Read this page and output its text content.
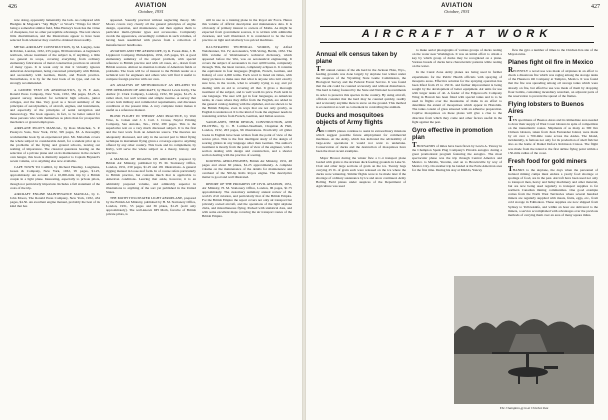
426	AVIATION
October, 1931

now doing, apparently lamentably the lack. As compared with Hudgins & Magoun's "Sky High," or Wood's "Wings for Men" being a somewhat similar field, Miss Harney's book has the virtue of cheapness, but no other perceptible advantage. The text shows little discrimination, and the illustrations appear to have been selected from whatever they could be obtained most readily.

METAL AIRCRAFT CONSTRUCTION, by M. Langley, Gale & Polden, London, 1932, 235 pages, 80 illustrations. A beginner's textbook, whose treatment of the subject is, if anything, a little too general in scope, covering everything from ordinary elementary fabrications of metal construction practices in aircraft of many types. It is weak only in that it virtually ignores American development, being concerned principally with British, and secondarily with German, Dutch, and French practice. Nevertheless, it is by far the best book of its type, and can be strongly recommended.

A GUIDED TEXT ON AERONAUTICS, by H. F. Ault, Ronald Press Company, New York, 1932, 384 pages, $3.25. A general survey, intended for technical high schools, junior colleges, and the like. Very good as a broad summary of the principles of aerodynamics, of aircraft, engines, and instruments, and especially of the principles of aerial navigation and meteorology. The book appears, in fact, to be better suited for those persons who wish themselves as pilots than for prospective mechanics or ground employees.

AIRPLANE PILOT'S MANUAL, by Ross Malachek, S. P. Pastayo's Sons, New York, 1932, 395 pages, $3. A thoroughly workmanlike book by an experienced pilot. Mr. Malachek covers the whole subject in considerable detail, for a student pilot up to the problems of the flying and ground schools, leaving out nothing of importance. The classical questions bearing on the selection of a private plane and on its maintenance in the owner's own hangar, this book is distinctly superior to Captain Baynard's recent volume, or to anything else now available.

CAPE TOWN TO CAIRO, by Richard Haudley, Longmans, Green & Company, New York, 1932, 95 pages, $1.25, approximately. An account of a 10,000-mile trip by a British couple in a light plane. Interesting, especially to private pilots, though not particularly important. Includes a full statement of the costs of the trip.

AIRCRAFT ENGINE MAINTENANCE MANUAL, by C. John Moors, The Ronald Press Company, New York, 1932, 434 pages, $4.50. An excellent engine manual, probably the best of its kind that has

appeared. Soundly practical without neglecting theory. Mr. Moors covers very clearly all the general principles of engine design, operation, and maintenance, and then applies them to particular multi-cylinder types and accessories. Completely avoids the appearance, exceedingly common in such volumes, of having been assembled with pieces from a collection of manufacturers' handbooks.

AVIATION AND THE AEROSCOPE, by R. Forest-Dale, J. B. Lippincott Company, Philadelphia, 1932, 245 pages, $3. A good elementary summary of the airport problem, with special reference to British practice and with all cases, etc., drawn from British sources. Almost no mention is made of American fields or problems. The book will be of interest to the British reader as a technical text for engineers and others who will find it useful to compare foreign practice with our own.

AN ANALYSIS OF METEOROLOGY AS RELATED TO THE OPERATION OF AIRCRAFT, by Harold Lewis Kirby, The Author (J. Clark Company, London), 1932, 80 pages, $1.25. A rather short, but well written and simple treatise. A survey that covers both military and commercial requirements, and discusses conditions at the present time. A very complete index makes it useful as a reference manual.

BLIND FLIGHT IN THEORY AND PRACTICE, by Walt Wise, G. Cohen and J. J. Cail. J. Crosse, Naylor Printing Company, San Antonio, Tex., 1932, 280 pages. This is the superlative text on a very much discussed subject. It is the first and the best work from an American source. The theories are adequately discussed, and only in the second part is blind flying technique in instrument flying given a coverage equal to anything offered by any other country. This book and its complement, by Kirby, will serve the whole subject as a theory, history, and practice.

A MANUAL OF RIGGING ON AIRCRAFT, prepared by British Air Ministry, published by H. M. Stationery Office, London, 1931, 239 pages, $1.25 and 181 illustrations. A general rigging manual in loose-leaf form. In of course refers particularly to British practice, but contains much that is applicable to American conditions. Leaving that aside, however, it is an admirably prepared volume, and admirably superior in illustrations to anything of the sort yet published in the United States.

THE MOTH TWO-SEATER LIGHT AEROPLANE, prepared by the British Air Ministry, published by H. M. Stationery Office, London, 1931, 53 pages and 36 plates, $1.25 (sold only approximately). The well-known DH Moth, favorite of British private pilots, is

still in use as a training plane in the Royal Air Force. Hence this volume of official description and maintenance data. It is obviously of primary interest to owners of Moths. As might be expected from government sources, it is written with admirable clearness, and well illustrated. It is considered to be the best practice on light and relatively low-priced machines.

ILLUSTRATED TECHNICAL WORDS, by Alfred Weisbrenner, Vol. IV, Aeronautics, VDI-Verlag, Berlin, 1932. The fifth volume of Weisbrenner's technical dictionary, which appeared before the War, was on aeronautical engineering. It covers the subject of aeronautics in over 4,000 terms, completely through. This, the latest version, completely eclipses it. It contains the equivalent in four languages (English, French, German, and Italian) of over 4,000 terms. Each word is listed six times, with many pictures to make sure that what is anyone who isn't exactly sure how, in the words, what is actually trying to say, and yet dealing with an aid to covering all that. It gives a thorough treatment of the subject, and is well worth its price. Each term in one language. The user will get in four languages, as American terms, in cases where they differ from the English, are added in the general catalog dealing with the alphabet, and are shown to be the British Empire, even in ways that are not only gravity, as English is understood. It is the kind of book the engineer needs in translating articles from French, German, and Italian sources.

SAILPLANES, THEIR DESIGN, CONSTRUCTION, AND PILOTING, by C. H. Latimer-Needham, Chapman & Hall, London, 1932, 263 pages, 96 illustrations. Practically all glider books in English have been written from the point of view of the novice pilot. This is the first intelligent study of the design of soaring gliders in any language other than German. The author's treatment is mostly from the point of view of the engineer, with a section dealing with design and construction, and a shorter section dealing with the practice of soaring.

KOOTING AERO-ENGINES, British Air Ministry, 1931, 48 pages and about 60 plates, $1.25 approximately. A complete volume on the maintenance of the details for maintenance and overhaul of the 500-hp Rolls Royce engine. The descriptive matter is good and well illustrated.

REPORT OF THE PROGRESS OF CIVIL AVIATION, 1931, Air Ministry, H. M. Stationery Office, London, 96 pages, $1.75 approximately. The customary summary annual review of the world's civil aviation, and particularly that of the British Empire. For the British Empire the report covers not only air transport but privately owned aircraft, and the operations of the light airplane clubs, and miscellaneous flying. Packed with statistical data, and with some excellent maps covering the air transport routes of the British Empire.

427
AVIATION
October, 1931
AIRCRAFT AT WORK
Annual elk census taken by plane

THE annual census of the elk herd in the Jackson Hole, Wyo., feeding grounds was done largely by airplane last winter under the auspices of the Wyoming State Game Commission, the Biological Survey and the Federal Forest Service. It was found that the elk could be counted accurately and without disturbance. The herd is being fostered by the State and National Governments in order to preserve this species in the country. By using aircraft, officials consider that the herd may be counted quickly, readily and accurately anytime there is snow on the ground. This method is economical as well as convenient in controlling the animals.

Ducks and mosquitoes objects of Army flights

AIR CORPS planes continue to assist in extraordinary missions which suggest possible future employment for commercial machines. At the Army, which has indicated the advisability of large-scale operations it would not want to undertake. Conservation of ducks and the destruction of mosquitoes have been the most recent examples.

Major Brower during the winter flew a C-4 transport plane loaded with grain to the stricken duck feeding grounds in Lake St. Clair and other large sections of grain on the ice. Twenty bags carrying 25 lb. of grain each were released on the ice where the ducks were wintering. Similar flights were to be made later if the shortage of ordinary sustenance by ice and snow continued. Army Bolling Field planes under auspices of the Department of Agriculture was used

to make aerial photographs of various groups of ducks resting on the water near Washington. It was an initial effort to obtain a key by which group of ducks may be recognized on a plane. Various breeds of ducks have characteristic patterns while resting on the water.

In the Canal Zone Army planes are being used in further experiments for the Public Health officials with spraying of mosquito areas. Effective solution for the spraying operation has been lifted from 25 to 150 lb. and further improvement is being sought by the development of better equipment. Air units for use with larger tanks of oil. A feeder of the Edgewood's Company Wing in Hawaii has been fitted with special tanks and is to be used in flights over the mountains of Oahu in an effort to determine the extent of mosquitoes which appear in Honolulu. The tanks consist of glass smeared with an adhesive preparation. Captive mosquitoes on these plates will give a clue to the direction from which they come and other factors useful in the fight against the pest.

Gyro effective in promotion plan

THOUSANDS of miles have been flown by Lewis A. Yancey in the Champion Spark Plug Company's Pitcairn autogiro during a great promotional program featuring the autogiro. The most spectacular phase was the trip through Central America and Mexico to Mérida, Yucatán, and on to Brownsville by way of Mexico City. On another trip he landed at the Earle American area for the first time. During his stay at Mérida, Yancey

flew the gyro a number of times to the Chichen Itza site of the Mayan ruins.

Planes fight oil fire in Mexico

RECENTLY a novel use was made of airplanes in an effort to check a disastrous fire which was raging among the storage tanks of the Huasteca Oil Company at Tampico, Mexico. It was found that the fire was spreading among oil storage tanks which were already on fire, but effective use was made of them by dropping flour bombs, containing incendiary retardant, on adjacent parts of the reservation to prevent the spread of the flames.

Flying lobsters to Buenos Aires

TEN specimens of Buenos Aires and its immediate area needed to draw their supply of West Coast lobsters in spite of competition on the transatlantic routes. Shipments of as many as 300 live Chilean lobsters, taken from Juan Fernandez Island, were made by air over a 700-mile route across the Andes. The Island, incidentally, is famous not only for its production of shell fish but also as the home of Daniel Defoe's Robinson Crusoe. The flight was made from the island to the first airline flying point within a 150-mile radius of the coast.

Fresh food for gold miners

THANKS to the airplane, the days when the personnel of isolated mining camps must endure a yearly food shortage or spoilage of food, are in the past. Aircraft have been used not only to transport men, heavy and bulky machinery and other material, but are now being used regularly to transport supplies to far northern Canadian mining communities. One good example comes from the North West Territories where several hundred miners are regularly supplied with meats, fruits, eggs, etc., from cold storage in Edmonton. These supplies are now shipped from Sydney to Yellowknife, and within an hour are delivered to the miners, a service accomplished with advantages over the previous methods of carrying them over an area of many square miles.

The Champion gyro at Chichen Itza
